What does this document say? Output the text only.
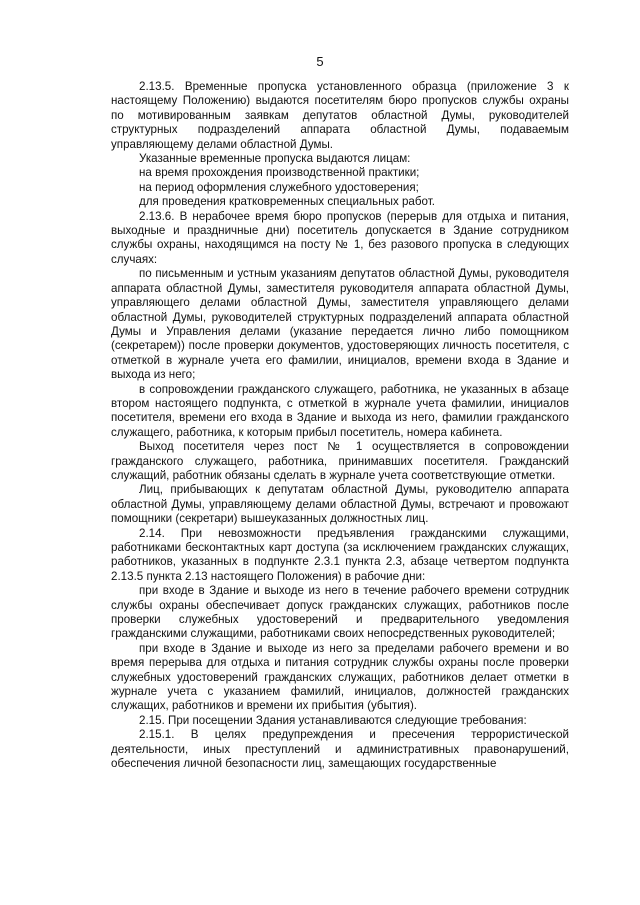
5

2.13.5. Временные пропуска установленного образца (приложение 3 к настоящему Положению) выдаются посетителям бюро пропусков службы охраны по мотивированным заявкам депутатов областной Думы, руководителей структурных подразделений аппарата областной Думы, подаваемым управляющему делами областной Думы.

Указанные временные пропуска выдаются лицам:

на время прохождения производственной практики;

на период оформления служебного удостоверения;

для проведения кратковременных специальных работ.

2.13.6. В нерабочее время бюро пропусков (перерыв для отдыха и питания, выходные и праздничные дни) посетитель допускается в Здание сотрудником службы охраны, находящимся на посту № 1, без разового пропуска в следующих случаях:

по письменным и устным указаниям депутатов областной Думы, руководителя аппарата областной Думы, заместителя руководителя аппарата областной Думы, управляющего делами областной Думы, заместителя управляющего делами областной Думы, руководителей структурных подразделений аппарата областной Думы и Управления делами (указание передается лично либо помощником (секретарем)) после проверки документов, удостоверяющих личность посетителя, с отметкой в журнале учета его фамилии, инициалов, времени входа в Здание и выхода из него;

в сопровождении гражданского служащего, работника, не указанных в абзаце втором настоящего подпункта, с отметкой в журнале учета фамилии, инициалов посетителя, времени его входа в Здание и выхода из него, фамилии гражданского служащего, работника, к которым прибыл посетитель, номера кабинета.

Выход посетителя через пост № 1 осуществляется в сопровождении гражданского служащего, работника, принимавших посетителя. Гражданский служащий, работник обязаны сделать в журнале учета соответствующие отметки.

Лиц, прибывающих к депутатам областной Думы, руководителю аппарата областной Думы, управляющему делами областной Думы, встречают и провожают помощники (секретари) вышеуказанных должностных лиц.

2.14. При невозможности предъявления гражданскими служащими, работниками бесконтактных карт доступа (за исключением гражданских служащих, работников, указанных в подпункте 2.3.1 пункта 2.3, абзаце четвертом подпункта 2.13.5 пункта 2.13 настоящего Положения) в рабочие дни:

при входе в Здание и выходе из него в течение рабочего времени сотрудник службы охраны обеспечивает допуск гражданских служащих, работников после проверки служебных удостоверений и предварительного уведомления гражданскими служащими, работниками своих непосредственных руководителей;

при входе в Здание и выходе из него за пределами рабочего времени и во время перерыва для отдыха и питания сотрудник службы охраны после проверки служебных удостоверений гражданских служащих, работников делает отметки в журнале учета с указанием фамилий, инициалов, должностей гражданских служащих, работников и времени их прибытия (убытия).

2.15. При посещении Здания устанавливаются следующие требования:

2.15.1. В целях предупреждения и пресечения террористической деятельности, иных преступлений и административных правонарушений, обеспечения личной безопасности лиц, замещающих государственные
